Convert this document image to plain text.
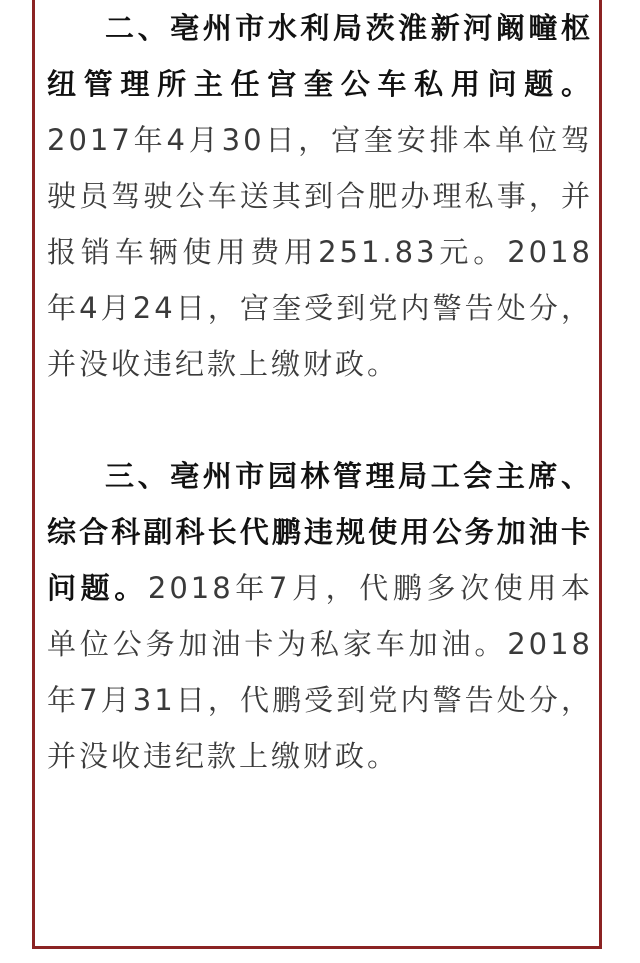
二、亳州市水利局茨淮新河阚疃枢纽管理所主任宫奎公车私用问题。2017年4月30日，宫奎安排本单位驾驶员驾驶公车送其到合肥办理私事，并报销车辆使用费用251.83元。2018年4月24日，宫奎受到党内警告处分，并没收违纪款上缴财政。

三、亳州市园林管理局工会主席、综合科副科长代鹏违规使用公务加油卡问题。2018年7月，代鹏多次使用本单位公务加油卡为私家车加油。2018年7月31日，代鹏受到党内警告处分，并没收违纪款上缴财政。
